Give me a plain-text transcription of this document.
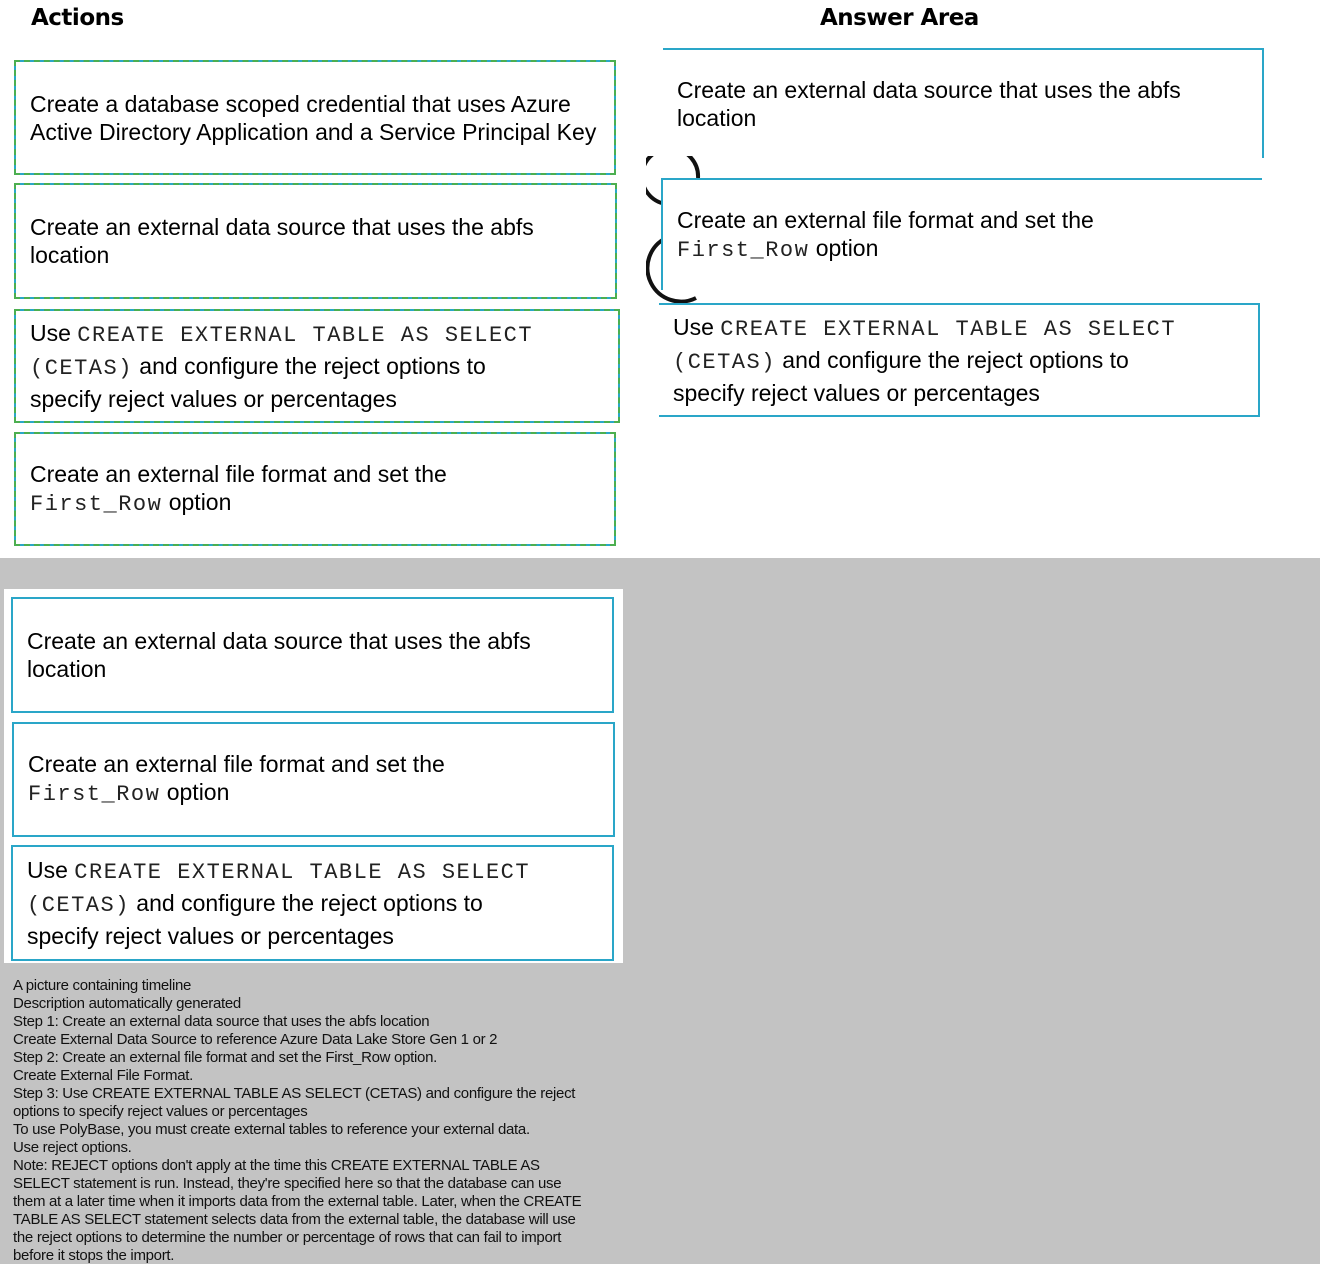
Actions	Answer Area
Create a database scoped credential that uses Azure
Active Directory Application and a Service Principal Key
Create an external data source that uses the abfs
location
Use CREATE EXTERNAL TABLE AS SELECT
(CETAS) and configure the reject options to
specify reject values or percentages
Create an external file format and set the
First_Row option
Create an external data source that uses the abfs
location
Create an external file format and set the
First_Row option
Use CREATE EXTERNAL TABLE AS SELECT
(CETAS) and configure the reject options to
specify reject values or percentages
Create an external data source that uses the abfs
location
Create an external file format and set the
First_Row option
Use CREATE EXTERNAL TABLE AS SELECT
(CETAS) and configure the reject options to
specify reject values or percentages
A picture containing timeline
Description automatically generated
Step 1: Create an external data source that uses the abfs location
Create External Data Source to reference Azure Data Lake Store Gen 1 or 2
Step 2: Create an external file format and set the First_Row option.
Create External File Format.
Step 3: Use CREATE EXTERNAL TABLE AS SELECT (CETAS) and configure the reject
options to specify reject values or percentages
To use PolyBase, you must create external tables to reference your external data.
Use reject options.
Note: REJECT options don't apply at the time this CREATE EXTERNAL TABLE AS
SELECT statement is run. Instead, they're specified here so that the database can use
them at a later time when it imports data from the external table. Later, when the CREATE
TABLE AS SELECT statement selects data from the external table, the database will use
the reject options to determine the number or percentage of rows that can fail to import
before it stops the import.
